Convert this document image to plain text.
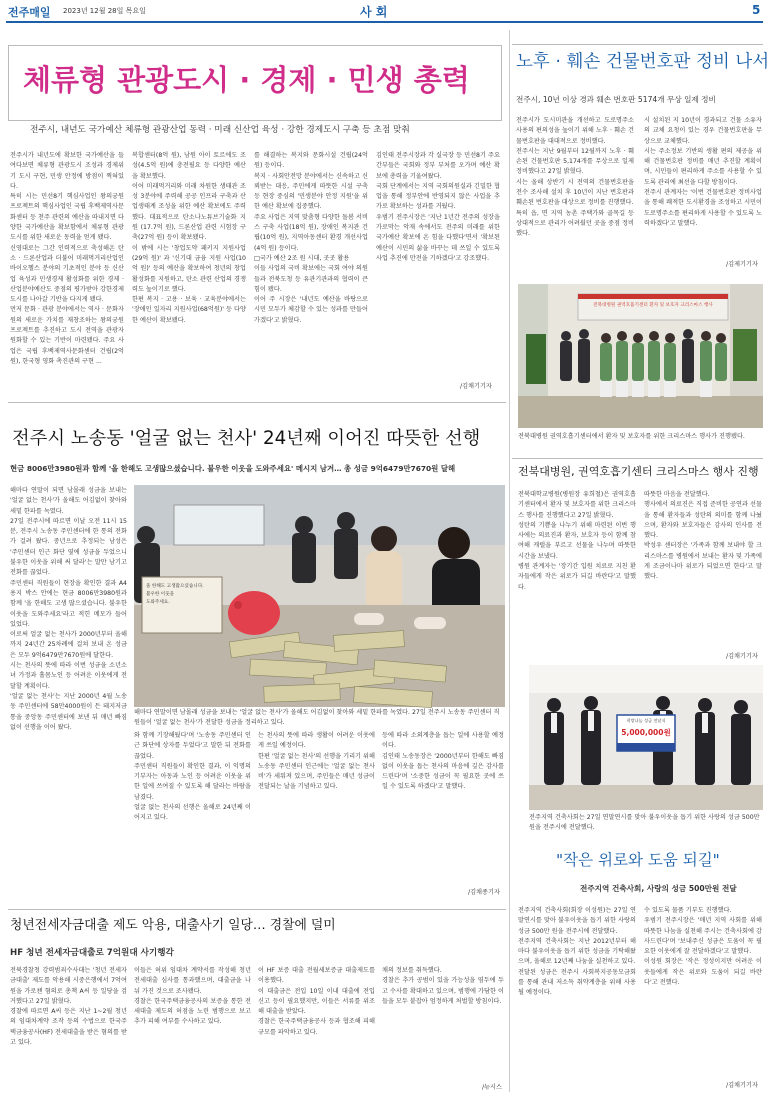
전주매일 2023년 12월 28일 목요일	사 회	5
체류형 관광도시 · 경제 · 민생 총력
전주시, 내년도 국가예산 체류형 관광산업 동력 · 미래 신산업 육성 · 강한 경제도시 구축 등 초점 맞춰
전주시가 내년도에 확보한 국가예산을 들여다보면 체류형 관광도시 조성과 경제위기 도시 구현, 민생 안정에 방점이 찍혀있다.
특히 시는 민선8기 핵심사업인 왕의궁원 프로젝트의 핵심사업인 국립 후백제역사문화센터 등 천주 관련의 예산을 따내지면 다양한 국가예산을 확보함에서 체류형 관광도시를 위한 새로운 동력을 얻게 됐다.
신영대로는 그간 인력적으로 축성해온 탄소 · 드론산업과 더불어 미래먹거리산업인 바이오헬스 분야의 기초적인 분야 등 신산업 육성과 민생경제 활성화를 위한 경제 · 산업분야예산도 중점의 평가받아 강한경제도시를 나아갈 기반을 다지게 됐다.
먼저 문화 · 관광 분야에서는 역사 · 문화자원의 새로운 가치를 재창조하는 왕의궁원 프로젝트를 추진하고 도시 전역을 관광자원화할 수 있는 기반이 마련됐다. 주요 사업은 국립 후백제역사문화센터 건립(2억 원), 한국형 영화 촉진관의 구현 ...
복합센터(8억 원), 남원 아이 토르에도 조성(4.5억 원)에 충전필요 등 다양한 예산을 확보했다.
이어 미래먹거리와 미래 차원한 생태관 조성 3분야에 주력해 공공 인프라 구축과 산업생태계 조성을 위한 예산 확보에도 주력했다. 대표적으로 탄소나노튜브기술화 지원 (17.7억 원), 드론산업 관련 시험장 구축(27억 원) 등이 확보됐다.
이 밖에 시는 '창업도약 패키지 지원사업 (29억 원)' 과 '신기대 금융 지원 사업(10억 원)' 등의 예산을 확보하여 청년의 창업 활성화를 지원하고, 탄소 관련 산업의 경쟁력도 높이기로 했다.
한편 복지 · 고용 · 보육 · 교육분야에서는 '장애인 일자리 지원사업(68억원)' 등 다양한 예산이 확보됐다.
를 해결하는 복지와 문화시설 건립(24억 원) 등이다.
복지 · 사회안전망 분야에서는 신속하고 신뢰받는 대응, 주민에게 따뜻한 시설 구축 등 현장 중심의 '민생분야 안정 지원'을 위한 예산 확보에 집중했다.
주요 사업은 지역 맞춤형 다양한 돌봄 서비스 구축 사업(18억 원), 장애인 복지관 건립(10억 원), 지역아동센터 환경 개선사업(4억 원) 등이다.
□국가 예산 2조 원 시대, 곳곳 활용
이들 사업의 국비 확보에는 국회 여야 의원들과 전북도청 등 유관기관과의 협력이 큰 힘이 됐다.
이어 주 시장은 '내년도 예산을 바탕으로 시민 모두가 체감할 수 있는 성과를 만들어 가겠다'고 밝혔다.
김인태 전주시장과 각 실국장 등 민선8기 주요 간부들은 국회와 정부 부처를 오가며 예산 확보에 총력을 기울여왔다.
국회 단계에서는 지역 국회의원실과 긴밀한 협업을 통해 정부안에 반영되지 않은 사업을 추가로 확보하는 성과를 거뒀다.
우범기 전주시장은 '지난 1년간 전주의 성장을 가로막는 악재 속에서도 전주의 미래를 위한 국가예산 확보에 온 힘을 다했다'면서 '확보된 예산이 시민의 삶을 바꾸는 데 쓰일 수 있도록 사업 추진에 만전을 기하겠다'고 강조했다.
/김채기기자
노후 · 훼손 건물번호판 정비 나서
전주시, 10년 이상 경과 훼손 번호판 5174개 무상 일제 정비
전주시가 도시미관을 개선하고 도로명주소 사용의 편의성을 높이기 위해 노후 · 훼손 건물번호판을 대대적으로 정비했다.
전주시는 지난 9월부터 12월까지 노후 · 훼손된 건물번호판 5,174개를 무상으로 일제 정비했다고 27일 밝혔다.
시는 올해 상반기 시 전역의 건물번호판을 전수 조사해 설치 후 10년이 지난 번호판과 훼손된 번호판을 대상으로 정비를 진행했다.
특히 읍, 면 지역 농촌 주택가와 골목길 등 상대적으로 관리가 어려웠던 곳을 중점 정비했다.
시 설치된 지 10년이 경과되고 건물 소유자의 교체 요청이 있는 경우 건물번호판을 무상으로 교체했다.
시는 주소정보 기반의 생활 편의 제공을 위해 건물번호판 정비를 매년 추진할 계획이며, 시민들이 편리하게 주소를 사용할 수 있도록 관리에 최선을 다할 방침이다.
전주시 관계자는 '이번 건물번호판 정비사업을 통해 쾌적한 도시환경을 조성하고 시민이 도로명주소를 편리하게 사용할 수 있도록 노력하겠다'고 말했다.
/김제기기자
전북대병원 권역호흡기센터 환자 및 보호자 크리스마스 행사
전북대병원 권역호흡기센터에서 환자 및 보호자를 위한 크리스마스 행사가 진행됐다.
전주시 노송동 '얼굴 없는 천사' 24년째 이어진 따뜻한 선행
현금 8006만3980원과 함께 '올 한해도 고생많으셨습니다. 불우한 이웃을 도와주세요' 메시지 남겨… 총 성금 9억6479만7670원 달해
해마다 연말이 되면 남몰래 성금을 보내는 '얼굴 없는 천사'가 올해도 어김없이 찾아와 세밑 한파를 녹였다.
27일 전주시에 따르면 이날 오전 11시 15분, 전주시 노송동 주민센터에 한 통의 전화가 걸려 왔다. 중년으로 추정되는 남성은 '주민센터 인근 화단 옆에 성금을 두었으니 불우한 이웃을 위해 써 달라'는 말만 남기고 전화를 끊었다.
주민센터 직원들이 현장을 확인한 결과 A4용지 박스 안에는 현금 8006만3980원과 함께 '올 한해도 고생 많으셨습니다. 불우한 이웃을 도와주세요'라고 적힌 메모가 들어 있었다.
이로써 얼굴 없는 천사가 2000년부터 올해까지 24년간 25차례에 걸쳐 보내 온 성금은 모두 9억6479만7670원에 달한다.
시는 천사의 뜻에 따라 이번 성금을 소년소녀 가정과 홀몸노인 등 어려운 이웃에게 전달할 계획이다.
'얼굴 없는 천사'는 지난 2000년 4월 노송동 주민센터에 58만4000원이 든 돼지저금통을 중앙동 주민센터에 보낸 뒤 매년 빠짐없이 선행을 이어 왔다.
올 한해도 고생많으셨습니다.
불우한 이웃을
도와주세요.
해마다 연말이면 남몰래 성금을 보내는 '얼굴 없는 천사'가 올해도 어김없이 찾아와 세밑 한파를 녹였다. 27일 전주시 노송동 주민센터 직원들이 '얼굴 없는 천사'가 전달한 성금을 정리하고 있다.
와 함께 기장해뒀다'며 '노송동 주민센터 인근 화단에 상자를 두었다'고 말한 뒤 전화를 끊었다.
주민센터 직원들이 확인한 결과, 이 익명의 기부자는 아동과 노인 등 어려운 이웃을 위한 일에 쓰여질 수 있도록 해 달라는 바람을 남겼다.
얼굴 없는 천사의 선행은 올해로 24년째 이어지고 있다.
는 천사의 뜻에 따라 생활이 어려운 이웃에게 쓰일 예정이다.
한편 '얼굴 없는 천사'의 선행을 기리기 위해 노송동 주민센터 인근에는 '얼굴 없는 천사비'가 세워져 있으며, 주민들은 매년 성금이 전달되는 날을 기념하고 있다.
등에 따라 소외계층을 돕는 일에 사용할 예정이다.
김인태 노송동장은 '2000년부터 한해도 빠짐없이 이웃을 돕는 천사의 마음에 깊은 감사를 드린다'며 '소중한 성금이 꼭 필요한 곳에 쓰일 수 있도록 하겠다'고 말했다.
/김채종기자
전북대병원, 권역호흡기센터 크리스마스 행사 진행
전북대학교병원(병원장 유희철)은 권역호흡기센터에서 환자 및 보호자를 위한 크리스마스 행사를 진행했다고 27일 밝혔다.
성탄의 기쁨을 나누기 위해 마련된 이번 행사에는 의료진과 환자, 보호자 등이 함께 참여해 캐럴을 부르고 선물을 나누며 따뜻한 시간을 보냈다.
병원 관계자는 '장기간 입원 치료로 지친 환자들에게 작은 위로가 되길 바란다'고 말했다.
따뜻한 마음을 전달했다.
행사에서 의료진은 직접 준비한 공연과 선물을 통해 환자들과 성탄의 의미를 함께 나눴으며, 환자와 보호자들은 감사의 인사를 전했다.
박성우 센터장은 '가족과 함께 보내야 할 크리스마스를 병원에서 보내는 환자 및 가족에게 조금이나마 위로가 되었으면 한다'고 말했다.
/김채기기자
희망나눔 성금 전달식
5,000,000원
전주지역 건축사회는 27일 연말연시를 맞아 불우이웃을 돕기 위한 사랑의 성금 500만 원을 전주시에 전달했다.
"작은 위로와 도움 되길"
전주지역 건축사회, 사랑의 성금 500만원 전달
전주지역 건축사회(회장 이성원)는 27일 연말연시를 맞아 불우이웃을 돕기 위한 사랑의 성금 500만 원을 전주시에 전달했다.
전주지역 건축사회는 지난 2012년부터 해마다 불우이웃을 돕기 위한 성금을 기탁해왔으며, 올해로 12년째 나눔을 실천하고 있다.
전달된 성금은 전주시 사회복지공동모금회를 통해 관내 저소득 취약계층을 위해 사용될 예정이다.
수 있도록 물품 기부도 진행했다.
우범기 전주시장은 '매년 지역 사회를 위해 따뜻한 나눔을 실천해 주시는 건축사회에 감사드린다'며 '보내주신 성금은 도움이 꼭 필요한 이웃에게 잘 전달하겠다'고 말했다.
이성원 회장은 '작은 정성이지만 어려운 이웃들에게 작은 위로와 도움이 되길 바란다'고 전했다.
/김채기기자
청년전세자금대출 제도 악용, 대출사기 일당… 경찰에 덜미
HF 청년 전세자금대출로 7억원대 사기행각
전북경찰청 강력범죄수사대는 '청년 전세자금대출' 제도를 악용해 시중은행에서 7억여 원을 가로챈 혐의로 총책 A씨 등 일당을 검거했다고 27일 밝혔다.
경찰에 따르면 A씨 등은 지난 1~2월 청년의 임대차계약 조작 등의 수법으로 한국주택금융공사(HF) 전세대출을 받은 혐의를 받고 있다.
이들은 허위 임대차 계약서를 작성해 청년 전세대출 심사를 통과했으며, 대출금을 나눠 가진 것으로 조사됐다.
경찰은 한국주택금융공사의 보증을 통한 전세대출 제도의 허점을 노린 범행으로 보고 추가 피해 여부를 수사하고 있다.
이 HF 보증 대출 전월세보증금 대출제도를 이용했다.
이 대출금은 전입 10일 이내 대출에 전입 신고 등이 필요했지만, 이들은 서류를 위조해 대출을 받았다.
경찰은 한국주택금융공사 등과 협조해 피해 규모를 파악하고 있다.
채의 정보를 취득했다.
경찰은 추가 공범이 있을 가능성을 염두에 두고 수사를 확대하고 있으며, 범행에 가담한 이들을 모두 붙잡아 엄정하게 처벌할 방침이다.
/뉴시스
